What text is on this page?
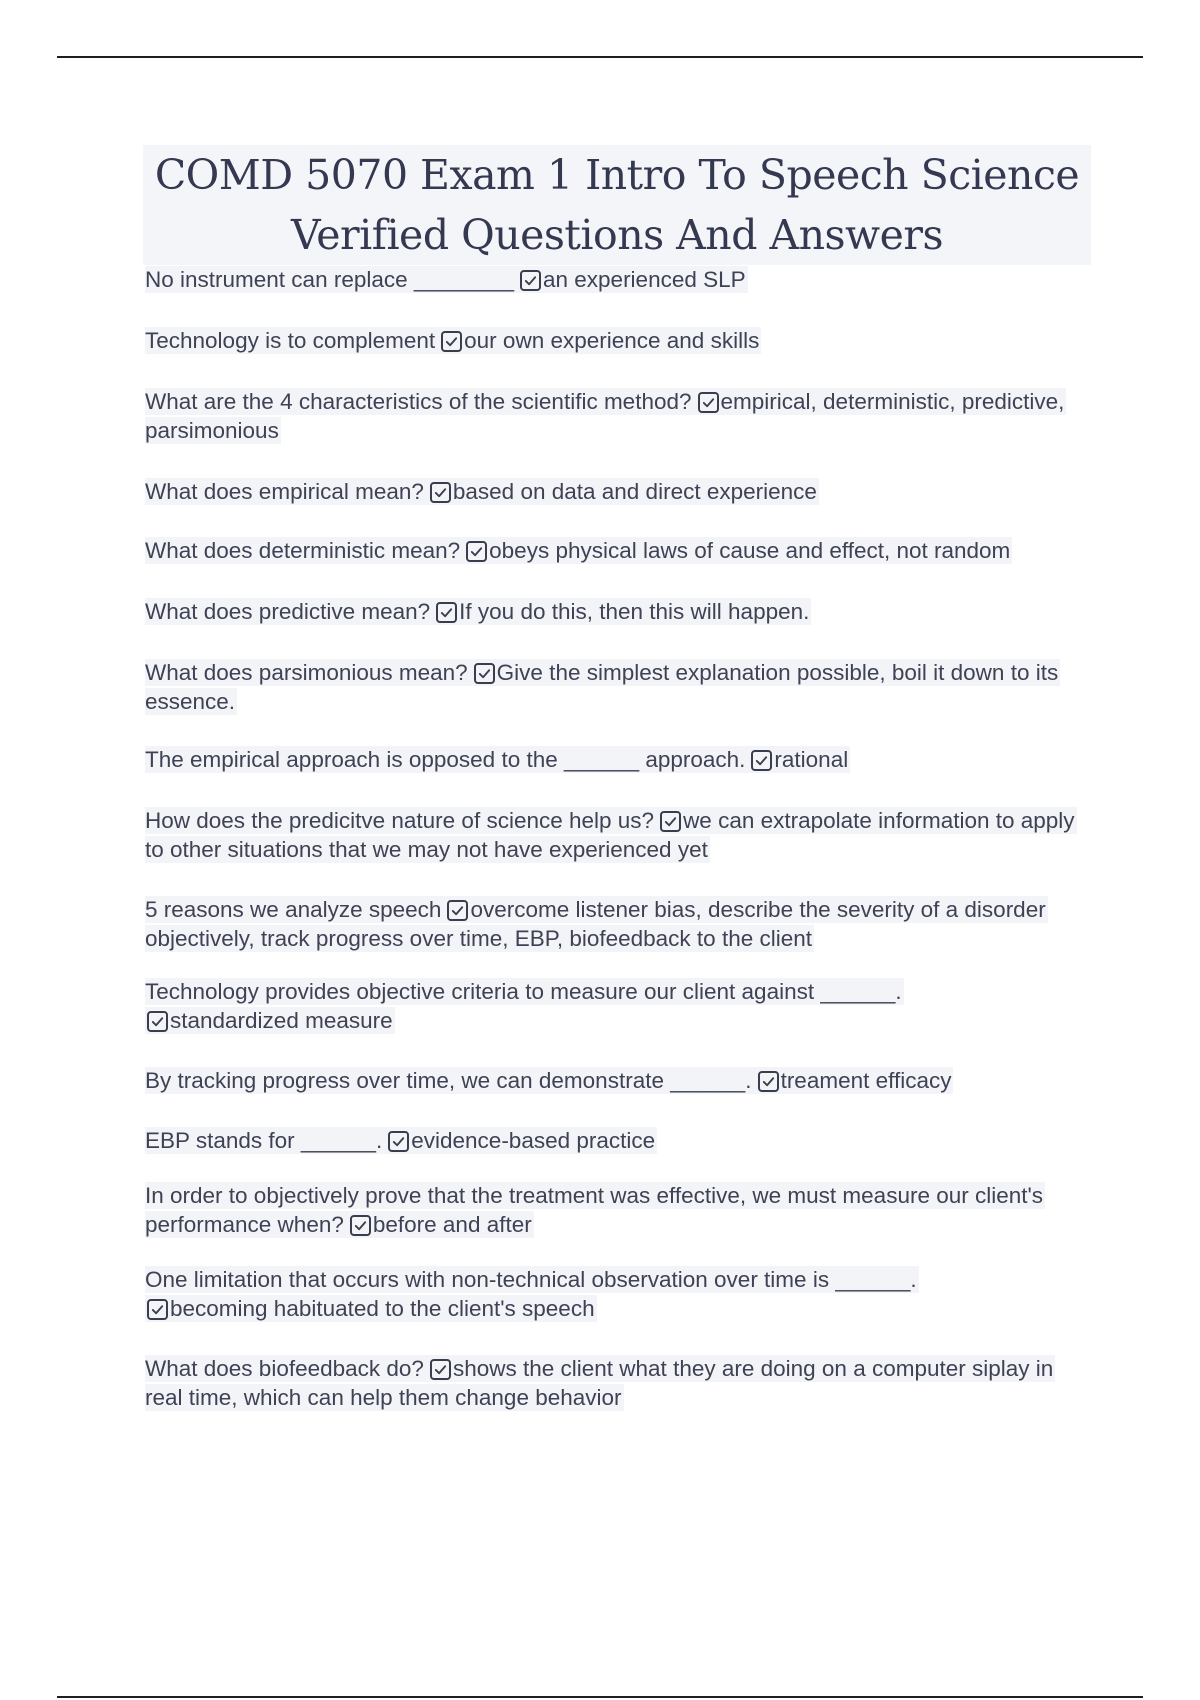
COMD 5070 Exam 1 Intro To Speech Science
Verified Questions And Answers

No instrument can replace ________ an experienced SLP

Technology is to complement our own experience and skills

What are the 4 characteristics of the scientific method? empirical, deterministic, predictive, parsimonious

What does empirical mean? based on data and direct experience

What does deterministic mean? obeys physical laws of cause and effect, not random

What does predictive mean? If you do this, then this will happen.

What does parsimonious mean? Give the simplest explanation possible, boil it down to its essence.

The empirical approach is opposed to the ______ approach. rational

How does the predicitve nature of science help us? we can extrapolate information to apply to other situations that we may not have experienced yet

5 reasons we analyze speech overcome listener bias, describe the severity of a disorder objectively, track progress over time, EBP, biofeedback to the client

Technology provides objective criteria to measure our client against ______.

standardized measure

By tracking progress over time, we can demonstrate ______. treament efficacy

EBP stands for ______. evidence-based practice

In order to objectively prove that the treatment was effective, we must measure our client's performance when? before and after

One limitation that occurs with non-technical observation over time is ______.

becoming habituated to the client's speech

What does biofeedback do? shows the client what they are doing on a computer siplay in real time, which can help them change behavior
